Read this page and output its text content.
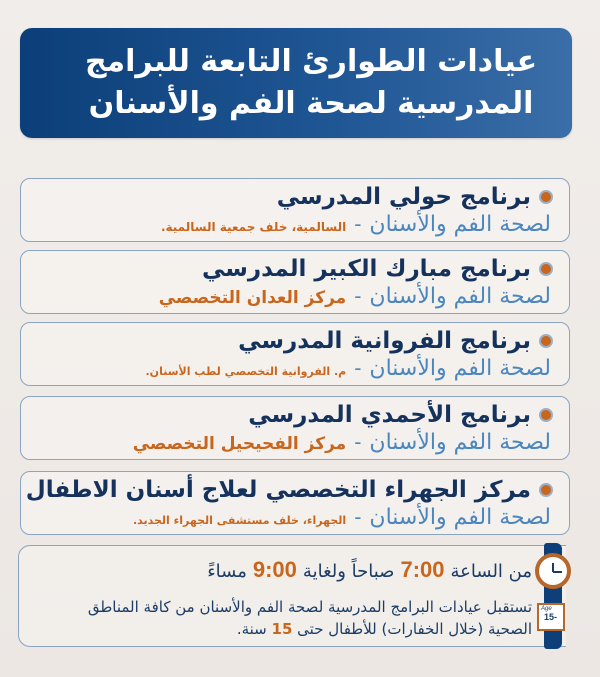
عيادات الطوارئ التابعة للبرامج
المدرسية لصحة الفم والأسنان
برنامج حولي المدرسي
لصحة الفم والأسنان
-
السالمية، خلف جمعية السالمية.
برنامج مبارك الكبير المدرسي
لصحة الفم والأسنان
-
مركز العدان التخصصي
برنامج الفروانية المدرسي
لصحة الفم والأسنان
-
م. الفروانية التخصصي لطب الأسنان.
برنامج الأحمدي المدرسي
لصحة الفم والأسنان
-
مركز الفحيحيل التخصصي
مركز الجهراء التخصصي لعلاج أسنان الاطفال
لصحة الفم والأسنان
-
الجهراء، خلف مستشفى الجهراء الجديد.
Age
15-
من الساعة
7:00
صباحاً ولغاية
9:00
مساءً
تستقبل عيادات البرامج المدرسية لصحة الفم والأسنان من كافة المناطق الصحية (خلال الخفارات) للأطفال حتى 15 سنة.
